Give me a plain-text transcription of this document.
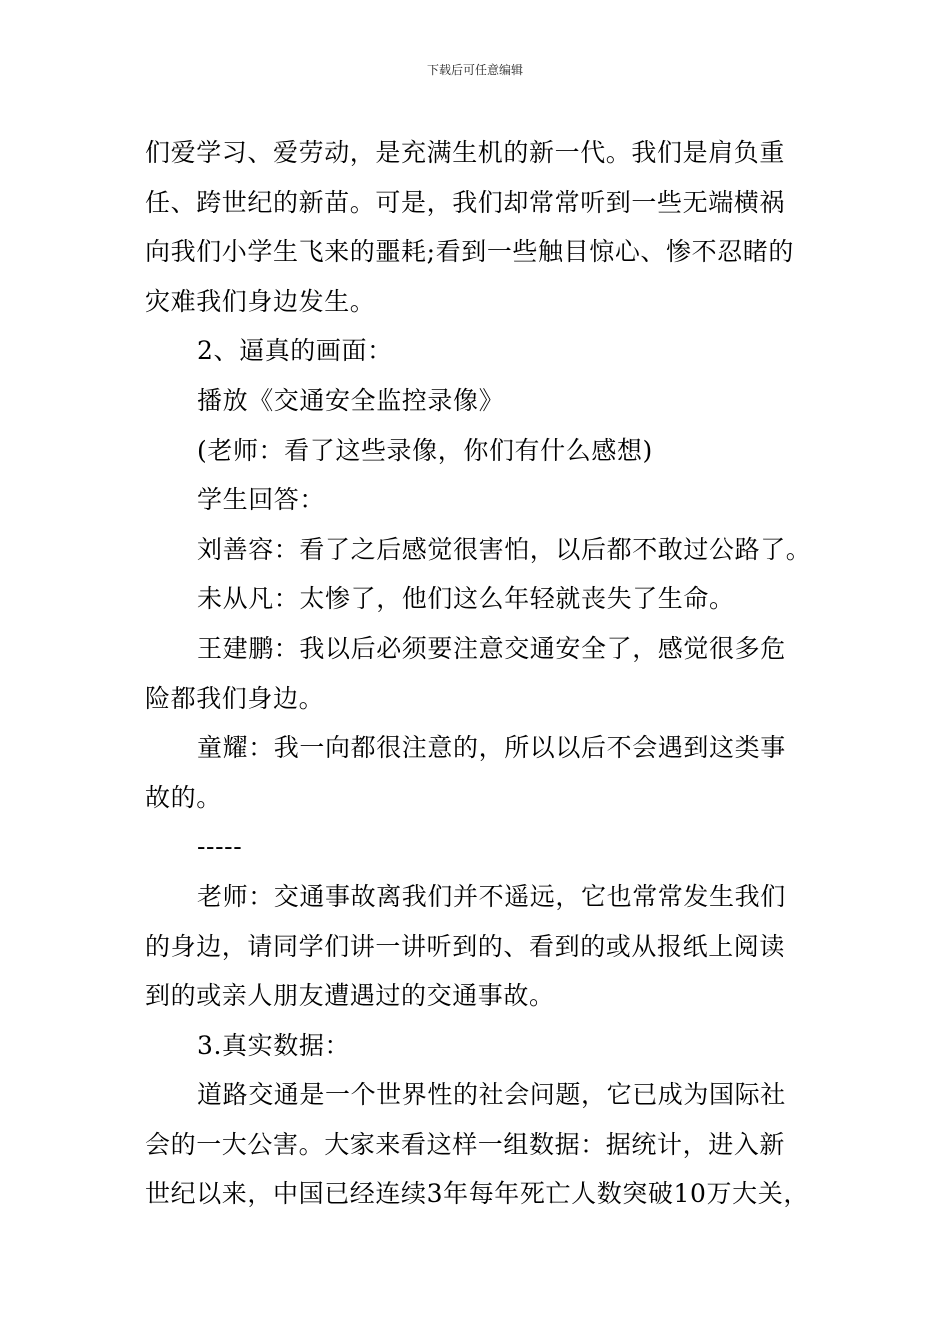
下载后可任意编辑

们爱学习、爱劳动，是充满生机的新一代。我们是肩负重

任、跨世纪的新苗。可是，我们却常常听到一些无端横祸

向我们小学生飞来的噩耗;看到一些触目惊心、惨不忍睹的

灾难我们身边发生。

2、逼真的画面：

播放《交通安全监控录像》

(老师：看了这些录像，你们有什么感想)

学生回答：

刘善容：看了之后感觉很害怕，以后都不敢过公路了。

未从凡：太惨了，他们这么年轻就丧失了生命。

王建鹏：我以后必须要注意交通安全了，感觉很多危

险都我们身边。

童耀：我一向都很注意的，所以以后不会遇到这类事

故的。

-----

老师：交通事故离我们并不遥远，它也常常发生我们

的身边，请同学们讲一讲听到的、看到的或从报纸上阅读

到的或亲人朋友遭遇过的交通事故。

3.真实数据：

道路交通是一个世界性的社会问题，它已成为国际社

会的一大公害。大家来看这样一组数据：据统计，进入新

世纪以来，中国已经连续3年每年死亡人数突破10万大关，
